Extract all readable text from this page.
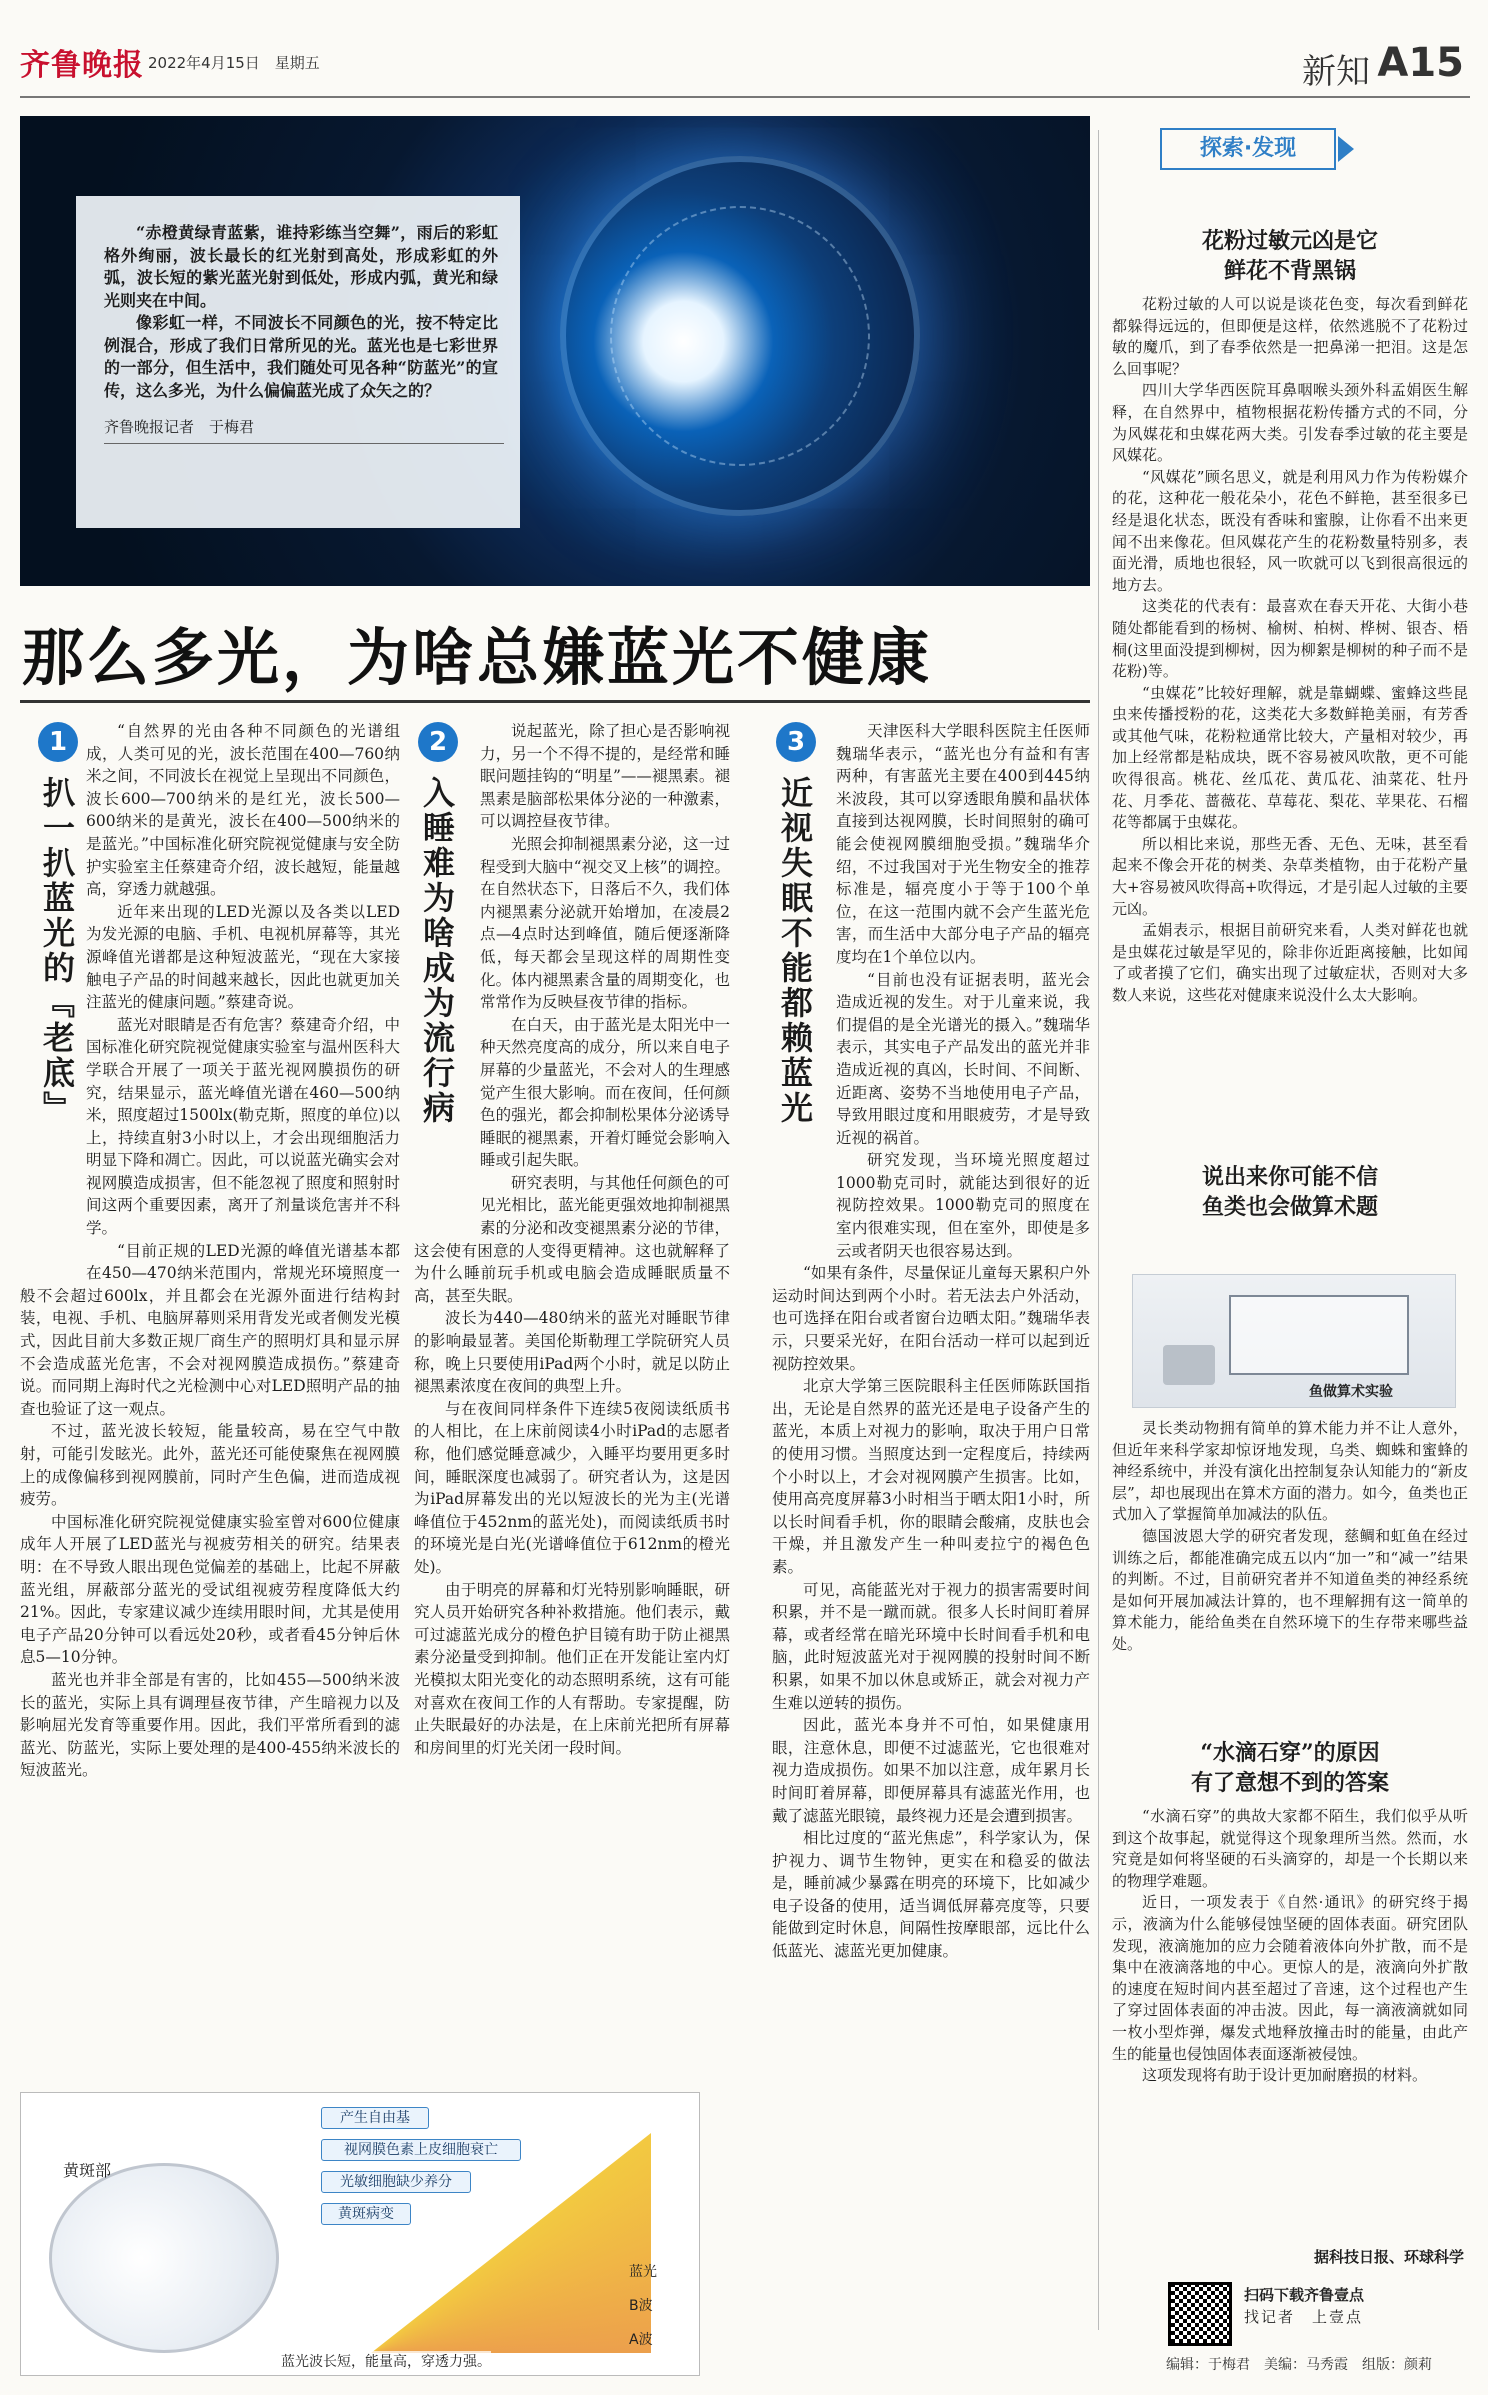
齐鲁晚报 2022年4月15日　星期五	新知 A15

“赤橙黄绿青蓝紫，谁持彩练当空舞”，雨后的彩虹格外绚丽，波长最长的红光射到高处，形成彩虹的外弧，波长短的紫光蓝光射到低处，形成内弧，黄光和绿光则夹在中间。

像彩虹一样，不同波长不同颜色的光，按不特定比例混合，形成了我们日常所见的光。蓝光也是七彩世界的一部分，但生活中，我们随处可见各种“防蓝光”的宣传，这么多光，为什么偏偏蓝光成了众矢之的？

齐鲁晚报记者　于梅君
那么多光，为啥总嫌蓝光不健康
1
扒一扒蓝光的『老底』

“自然界的光由各种不同颜色的光谱组成，人类可见的光，波长范围在400—760纳米之间，不同波长在视觉上呈现出不同颜色，波长600—700纳米的是红光，波长500—600纳米的是黄光，波长在400—500纳米的是蓝光。”中国标准化研究院视觉健康与安全防护实验室主任蔡建奇介绍，波长越短，能量越高，穿透力就越强。

近年来出现的LED光源以及各类以LED为发光源的电脑、手机、电视机屏幕等，其光源峰值光谱都是这种短波蓝光，“现在大家接触电子产品的时间越来越长，因此也就更加关注蓝光的健康问题。”蔡建奇说。

蓝光对眼睛是否有危害？蔡建奇介绍，中国标准化研究院视觉健康实验室与温州医科大学联合开展了一项关于蓝光视网膜损伤的研究，结果显示，蓝光峰值光谱在460—500纳米，照度超过1500lx(勒克斯，照度的单位)以上，持续直射3小时以上，才会出现细胞活力明显下降和凋亡。因此，可以说蓝光确实会对视网膜造成损害，但不能忽视了照度和照射时间这两个重要因素，离开了剂量谈危害并不科学。

“目前正规的LED光源的峰值光谱基本都在450—470纳米范围内，常规光环境照度一般不会超过600lx，并且都会在光源外面进行结构封装，电视、手机、电脑屏幕则采用背发光或者侧发光模式，因此目前大多数正规厂商生产的照明灯具和显示屏不会造成蓝光危害，不会对视网膜造成损伤。”蔡建奇说。而同期上海时代之光检测中心对LED照明产品的抽查也验证了这一观点。

不过，蓝光波长较短，能量较高，易在空气中散射，可能引发眩光。此外，蓝光还可能使聚焦在视网膜上的成像偏移到视网膜前，同时产生色偏，进而造成视疲劳。

中国标准化研究院视觉健康实验室曾对600位健康成年人开展了LED蓝光与视疲劳相关的研究。结果表明：在不导致人眼出现色觉偏差的基础上，比起不屏蔽蓝光组，屏蔽部分蓝光的受试组视疲劳程度降低大约21%。因此，专家建议减少连续用眼时间，尤其是使用电子产品20分钟可以看远处20秒，或者看45分钟后休息5—10分钟。

蓝光也并非全部是有害的，比如455—500纳米波长的蓝光，实际上具有调理昼夜节律，产生暗视力以及影响屈光发育等重要作用。因此，我们平常所看到的滤蓝光、防蓝光，实际上要处理的是400-455纳米波长的短波蓝光。

2
入睡难为啥成为流行病

说起蓝光，除了担心是否影响视力，另一个不得不提的，是经常和睡眠问题挂钩的“明星”——褪黑素。褪黑素是脑部松果体分泌的一种激素，可以调控昼夜节律。

光照会抑制褪黑素分泌，这一过程受到大脑中“视交叉上核”的调控。在自然状态下，日落后不久，我们体内褪黑素分泌就开始增加，在凌晨2点—4点时达到峰值，随后便逐渐降低，每天都会呈现这样的周期性变化。体内褪黑素含量的周期变化，也常常作为反映昼夜节律的指标。

在白天，由于蓝光是太阳光中一种天然亮度高的成分，所以来自电子屏幕的少量蓝光，不会对人的生理感觉产生很大影响。而在夜间，任何颜色的强光，都会抑制松果体分泌诱导睡眠的褪黑素，开着灯睡觉会影响入睡或引起失眠。

研究表明，与其他任何颜色的可见光相比，蓝光能更强效地抑制褪黑素的分泌和改变褪黑素分泌的节律，这会使有困意的人变得更精神。这也就解释了为什么睡前玩手机或电脑会造成睡眠质量不高，甚至失眠。

波长为440—480纳米的蓝光对睡眠节律的影响最显著。美国伦斯勒理工学院研究人员称，晚上只要使用iPad两个小时，就足以防止褪黑素浓度在夜间的典型上升。

与在夜间同样条件下连续5夜阅读纸质书的人相比，在上床前阅读4小时iPad的志愿者称，他们感觉睡意减少，入睡平均要用更多时间，睡眠深度也减弱了。研究者认为，这是因为iPad屏幕发出的光以短波长的光为主(光谱峰值位于452nm的蓝光处)，而阅读纸质书时的环境光是白光(光谱峰值位于612nm的橙光处)。

由于明亮的屏幕和灯光特别影响睡眠，研究人员开始研究各种补救措施。他们表示，戴可过滤蓝光成分的橙色护目镜有助于防止褪黑素分泌量受到抑制。他们正在开发能让室内灯光模拟太阳光变化的动态照明系统，这有可能对喜欢在夜间工作的人有帮助。专家提醒，防止失眠最好的办法是，在上床前光把所有屏幕和房间里的灯光关闭一段时间。

3
近视失眠不能都赖蓝光

天津医科大学眼科医院主任医师魏瑞华表示，“蓝光也分有益和有害两种，有害蓝光主要在400到445纳米波段，其可以穿透眼角膜和晶状体直接到达视网膜，长时间照射的确可能会使视网膜细胞受损。”魏瑞华介绍，不过我国对于光生物安全的推荐标准是，辐亮度小于等于100个单位，在这一范围内就不会产生蓝光危害，而生活中大部分电子产品的辐亮度均在1个单位以内。

“目前也没有证据表明，蓝光会造成近视的发生。对于儿童来说，我们提倡的是全光谱光的摄入。”魏瑞华表示，其实电子产品发出的蓝光并非造成近视的真凶，长时间、不间断、近距离、姿势不当地使用电子产品，导致用眼过度和用眼疲劳，才是导致近视的祸首。

研究发现，当环境光照度超过1000勒克司时，就能达到很好的近视防控效果。1000勒克司的照度在室内很难实现，但在室外，即使是多云或者阴天也很容易达到。

“如果有条件，尽量保证儿童每天累积户外运动时间达到两个小时。若无法去户外活动，也可选择在阳台或者窗台边晒太阳。”魏瑞华表示，只要采光好，在阳台活动一样可以起到近视防控效果。

北京大学第三医院眼科主任医师陈跃国指出，无论是自然界的蓝光还是电子设备产生的蓝光，本质上对视力的影响，取决于用户日常的使用习惯。当照度达到一定程度后，持续两个小时以上，才会对视网膜产生损害。比如，使用高亮度屏幕3小时相当于晒太阳1小时，所以长时间看手机，你的眼睛会酸痛，皮肤也会干燥，并且激发产生一种叫麦拉宁的褐色色素。

可见，高能蓝光对于视力的损害需要时间积累，并不是一蹴而就。很多人长时间盯着屏幕，或者经常在暗光环境中长时间看手机和电脑，此时短波蓝光对于视网膜的投射时间不断积累，如果不加以休息或矫正，就会对视力产生难以逆转的损伤。

因此，蓝光本身并不可怕，如果健康用眼，注意休息，即便不过滤蓝光，它也很难对视力造成损伤。如果不加以注意，成年累月长时间盯着屏幕，即便屏幕具有滤蓝光作用，也戴了滤蓝光眼镜，最终视力还是会遭到损害。

相比过度的“蓝光焦虑”，科学家认为，保护视力、调节生物钟，更实在和稳妥的做法是，睡前减少暴露在明亮的环境下，比如减少电子设备的使用，适当调低屏幕亮度等，只要能做到定时休息，间隔性按摩眼部，远比什么低蓝光、滤蓝光更加健康。

黄斑部
产生自由基
视网膜色素上皮细胞衰亡
光敏细胞缺少养分
黄斑病变
蓝光
B波
A波
蓝光波长短，能量高，穿透力强。
探索·发现
花粉过敏元凶是它
鲜花不背黑锅

花粉过敏的人可以说是谈花色变，每次看到鲜花都躲得远远的，但即便是这样，依然逃脱不了花粉过敏的魔爪，到了春季依然是一把鼻涕一把泪。这是怎么回事呢？

四川大学华西医院耳鼻咽喉头颈外科孟娟医生解释，在自然界中，植物根据花粉传播方式的不同，分为风媒花和虫媒花两大类。引发春季过敏的花主要是风媒花。

“风媒花”顾名思义，就是利用风力作为传粉媒介的花，这种花一般花朵小，花色不鲜艳，甚至很多已经是退化状态，既没有香味和蜜腺，让你看不出来更闻不出来像花。但风媒花产生的花粉数量特别多，表面光滑，质地也很轻，风一吹就可以飞到很高很远的地方去。

这类花的代表有：最喜欢在春天开花、大街小巷随处都能看到的杨树、榆树、柏树、桦树、银杏、梧桐(这里面没提到柳树，因为柳絮是柳树的种子而不是花粉)等。

“虫媒花”比较好理解，就是靠蝴蝶、蜜蜂这些昆虫来传播授粉的花，这类花大多数鲜艳美丽，有芳香或其他气味，花粉粒通常比较大，产量相对较少，再加上经常都是粘成块，既不容易被风吹散，更不可能吹得很高。桃花、丝瓜花、黄瓜花、油菜花、牡丹花、月季花、蔷薇花、草莓花、梨花、苹果花、石榴花等都属于虫媒花。

所以相比来说，那些无香、无色、无味，甚至看起来不像会开花的树类、杂草类植物，由于花粉产量大+容易被风吹得高+吹得远，才是引起人过敏的主要元凶。

孟娟表示，根据目前研究来看，人类对鲜花也就是虫媒花过敏是罕见的，除非你近距离接触，比如闻了或者摸了它们，确实出现了过敏症状，否则对大多数人来说，这些花对健康来说没什么太大影响。

说出来你可能不信
鱼类也会做算术题
鱼做算术实验

灵长类动物拥有简单的算术能力并不让人意外，但近年来科学家却惊讶地发现，乌类、蜘蛛和蜜蜂的神经系统中，并没有演化出控制复杂认知能力的“新皮层”，却也展现出在算术方面的潜力。如今，鱼类也正式加入了掌握简单加减法的队伍。

德国波恩大学的研究者发现，慈鲷和虹鱼在经过训练之后，都能准确完成五以内“加一”和“减一”结果的判断。不过，目前研究者并不知道鱼类的神经系统是如何开展加减法计算的，也不理解拥有这一简单的算术能力，能给鱼类在自然环境下的生存带来哪些益处。

“水滴石穿”的原因
有了意想不到的答案

“水滴石穿”的典故大家都不陌生，我们似乎从听到这个故事起，就觉得这个现象理所当然。然而，水究竟是如何将坚硬的石头滴穿的，却是一个长期以来的物理学难题。

近日，一项发表于《自然·通讯》的研究终于揭示，液滴为什么能够侵蚀坚硬的固体表面。研究团队发现，液滴施加的应力会随着液体向外扩散，而不是集中在液滴落地的中心。更惊人的是，液滴向外扩散的速度在短时间内甚至超过了音速，这个过程也产生了穿过固体表面的冲击波。因此，每一滴液滴就如同一枚小型炸弹，爆发式地释放撞击时的能量，由此产生的能量也侵蚀固体表面逐渐被侵蚀。

这项发现将有助于设计更加耐磨损的材料。

据科技日报、环球科学
扫码下载齐鲁壹点
找记者　上壹点
编辑：于梅君　美编：马秀霞　组版：颜莉
